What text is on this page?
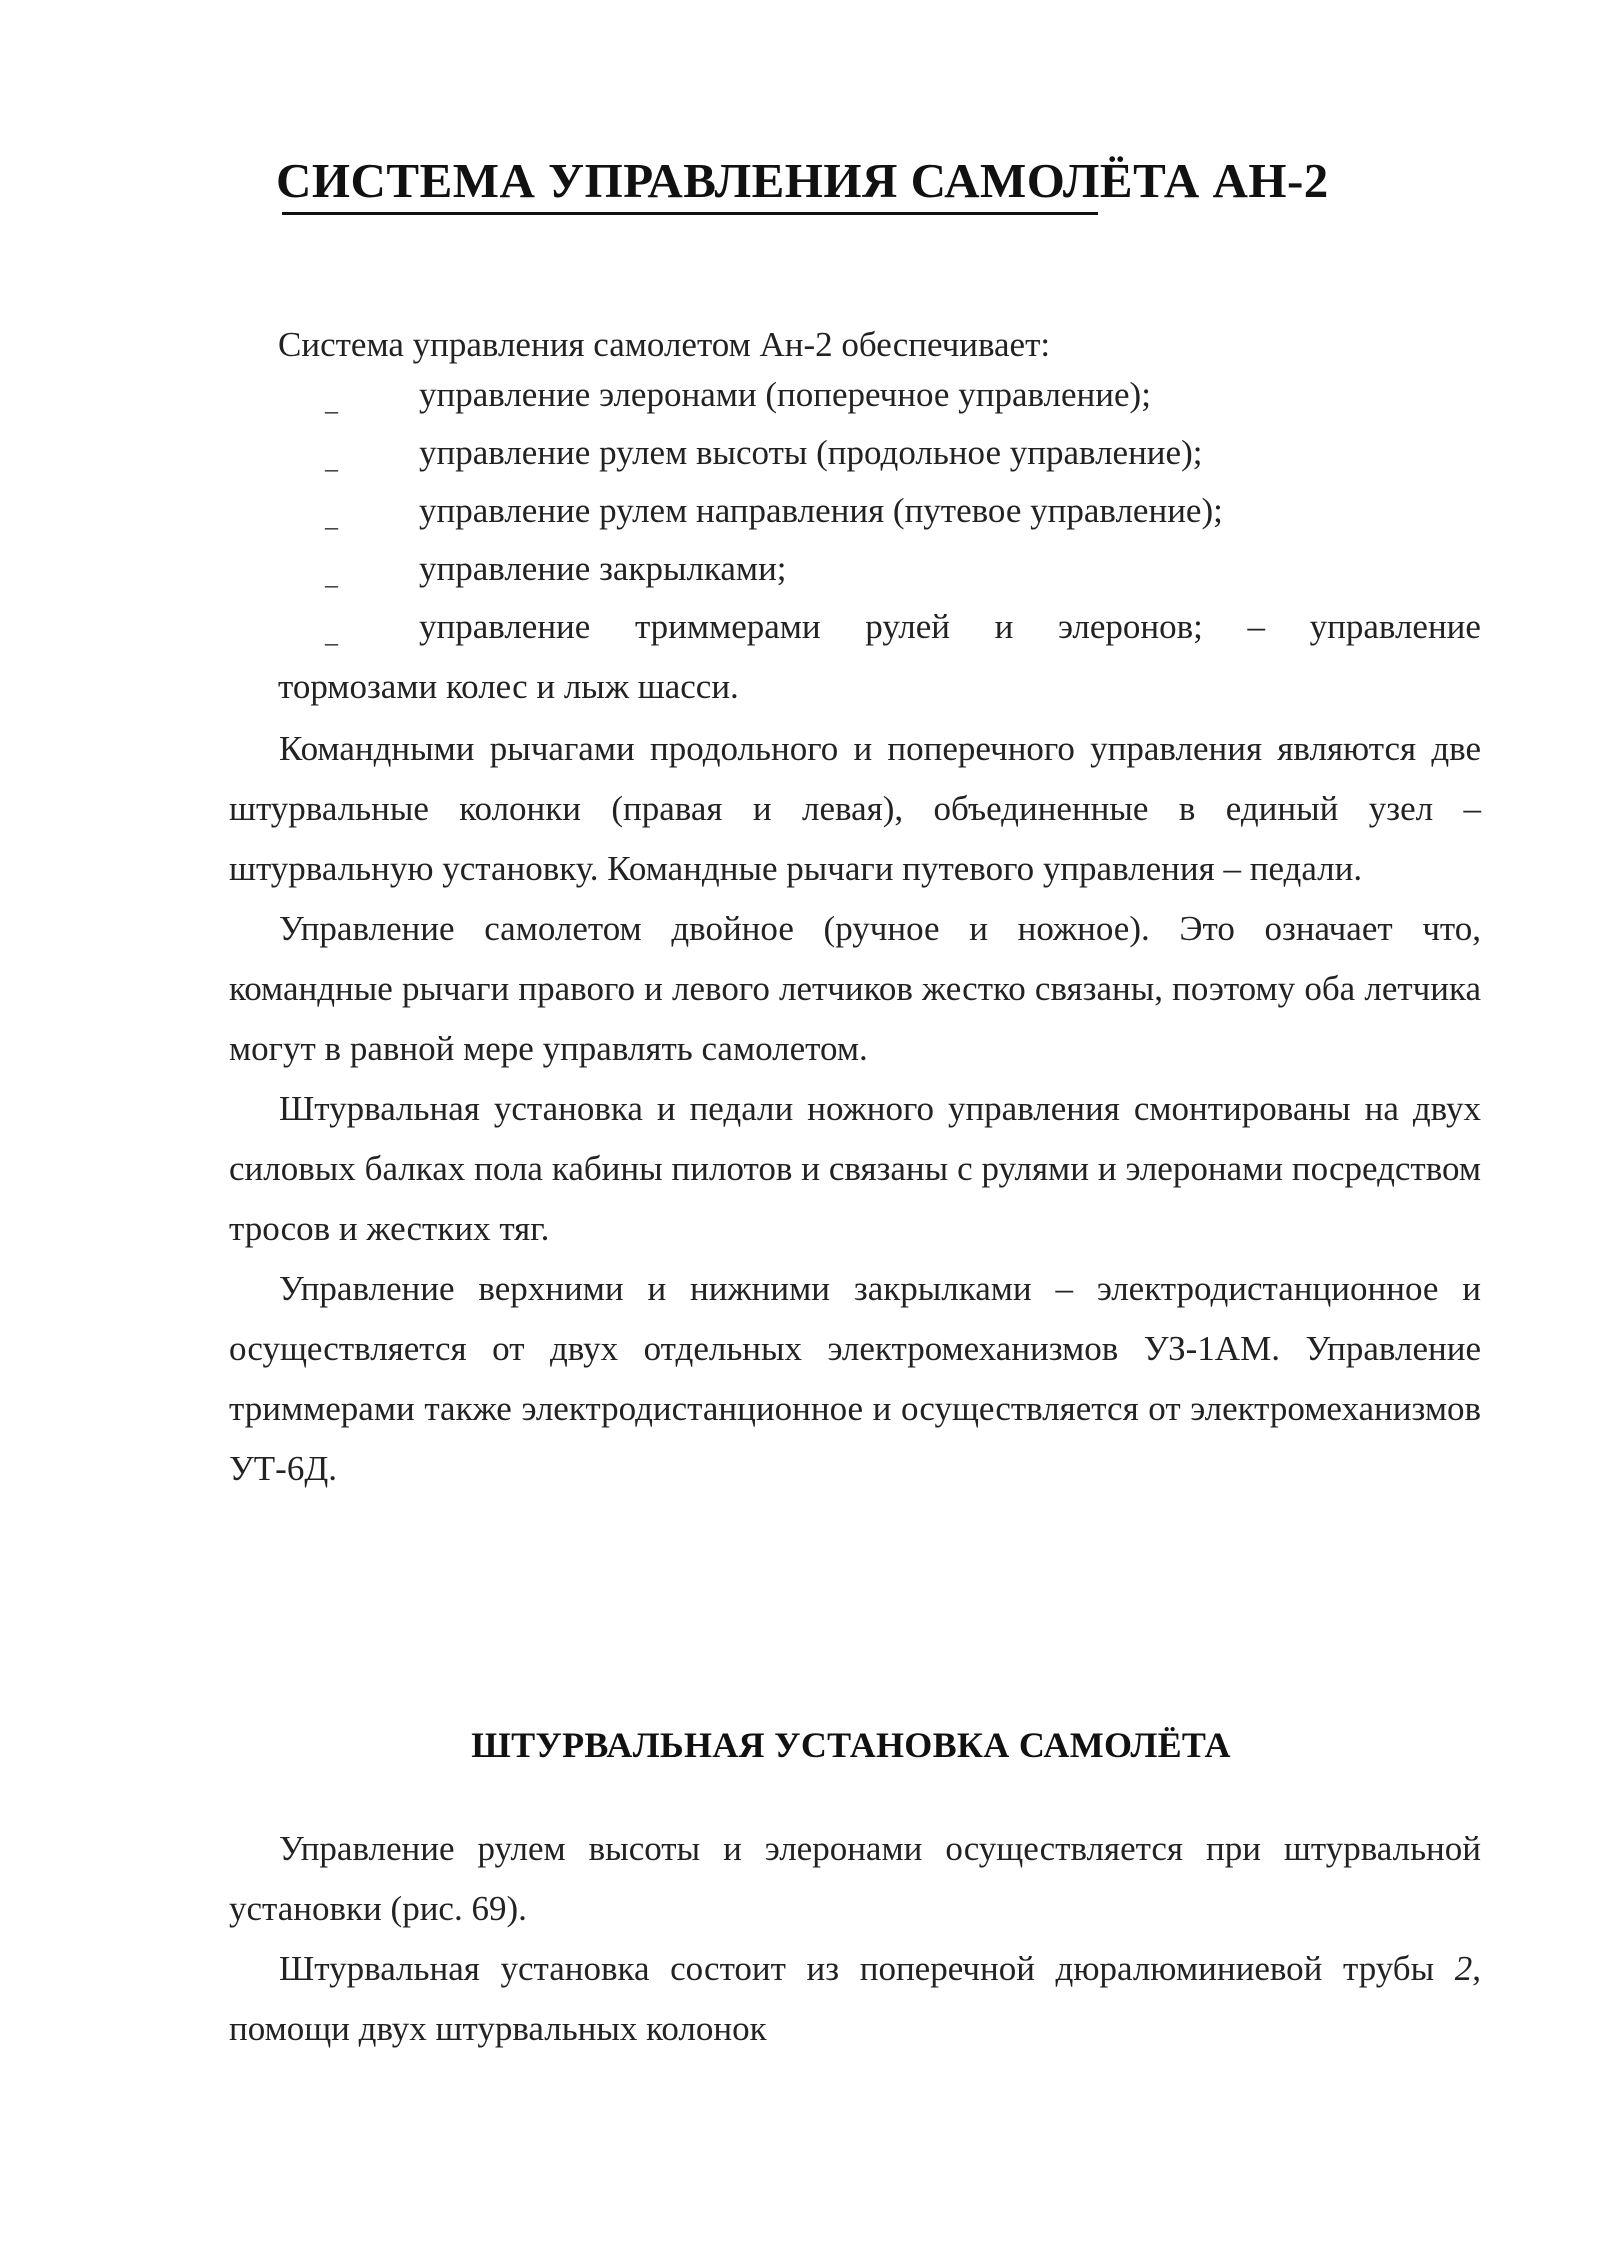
СИСТЕМА УПРАВЛЕНИЯ САМОЛЁТА АН-2

Система управления самолетом Ан-2 обеспечивает:

– управление элеронами (поперечное управление);
– управление рулем высоты (продольное управление);
– управление рулем направления (путевое управление);
– управление закрылками;
– управление триммерами рулей и элеронов; – управление
тормозами колес и лыж шасси.

Командными рычагами продольного и поперечного управления являются две штурвальные колонки (правая и левая), объединенные в единый узел – штурвальную установку. Командные рычаги путевого управления – педали.

Управление самолетом двойное (ручное и ножное). Это означает что, командные рычаги правого и левого летчиков жестко связаны, поэтому оба летчика могут в равной мере управлять самолетом.

Штурвальная установка и педали ножного управления смонтированы на двух силовых балках пола кабины пилотов и связаны с рулями и элеронами посредством тросов и жестких тяг.

Управление верхними и нижними закрылками – электродистанционное и осуществляется от двух отдельных электромеханизмов УЗ-1АМ. Управление триммерами также электродистанционное и осуществляется от электромеханизмов УТ-6Д.

ШТУРВАЛЬНАЯ УСТАНОВКА САМОЛЁТА

Управление рулем высоты и элеронами осуществляется при штурвальной установки (рис. 69).

Штурвальная установка состоит из поперечной дюралюминиевой трубы 2, помощи двух штурвальных колонок
